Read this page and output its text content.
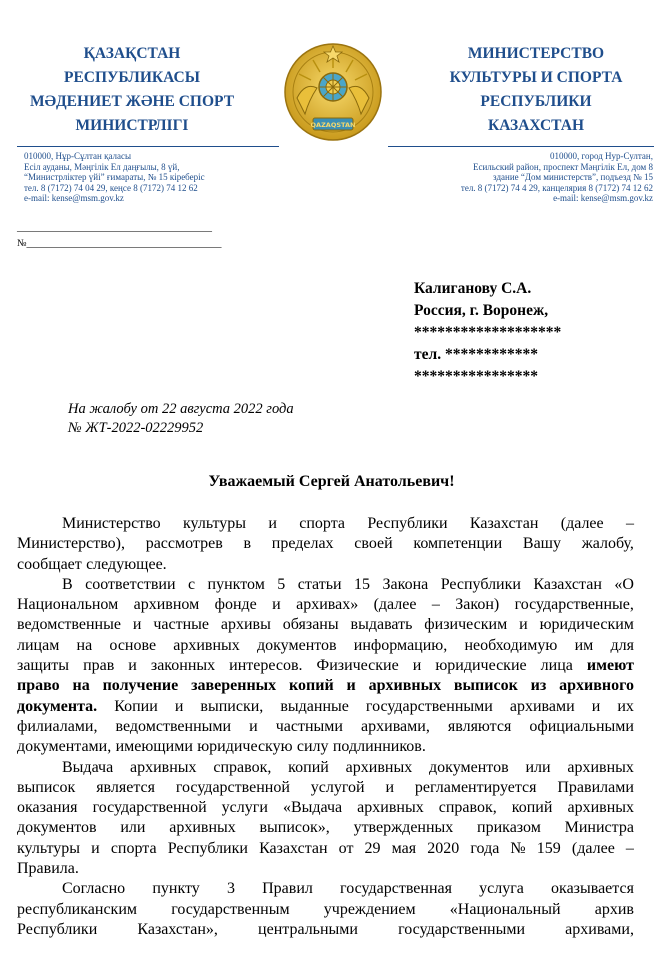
ҚАЗАҚСТАН
РЕСПУБЛИКАСЫ
МӘДЕНИЕТ ЖӘНЕ СПОРТ
МИНИСТРЛІГІ	QAZAQSTAN
МИНИСТЕРСТВО
КУЛЬТУРЫ И СПОРТА
РЕСПУБЛИКИ
КАЗАХСТАН
010000, Нұр-Сұлтан қаласы
Есіл ауданы, Мәңгілік Ел даңғылы, 8 үй,
“Министрліктер үйі” ғимараты, № 15 кіреберіс
тел. 8 (7172) 74 04 29, кеңсе 8 (7172) 74 12 62
e-mail: kense@msm.gov.kz
010000, город Нур-Султан,
Есильский район, проспект Мәңгілік Ел, дом 8
здание “Дом министерств”, подъезд № 15
тел. 8 (7172) 74 4 29, канцелярия 8 (7172) 74 12 62
e-mail: kense@msm.gov.kz
_______________________________________
№_______________________________________
Калиганову С.А.
Россия, г. Воронеж,
*******************
тел. ************
****************
На жалобу от 22 августа 2022 года
№ ЖТ-2022-02229952
Уважаемый Сергей Анатольевич!
Министерство культуры и спорта Республики Казахстан (далее –
Министерство), рассмотрев в пределах своей компетенции Вашу жалобу,
сообщает следующее.
В соответствии с пунктом 5 статьи 15 Закона Республики Казахстан «О
Национальном архивном фонде и архивах» (далее – Закон) государственные,
ведомственные и частные архивы обязаны выдавать физическим и юридическим
лицам на основе архивных документов информацию, необходимую им для
защиты прав и законных интересов. Физические и юридические лица имеют
право на получение заверенных копий и архивных выписок из архивного
документа. Копии и выписки, выданные государственными архивами и их
филиалами, ведомственными и частными архивами, являются официальными
документами, имеющими юридическую силу подлинников.
Выдача архивных справок, копий архивных документов или архивных
выписок является государственной услугой и регламентируется Правилами
оказания государственной услуги «Выдача архивных справок, копий архивных
документов или архивных выписок», утвержденных приказом Министра
культуры и спорта Республики Казахстан от 29 мая 2020 года № 159 (далее –
Правила.
Согласно пункту 3 Правил государственная услуга оказывается
республиканским государственным учреждением «Национальный архив
Республики	Казахстан»,	центральными	государственными	архивами,
